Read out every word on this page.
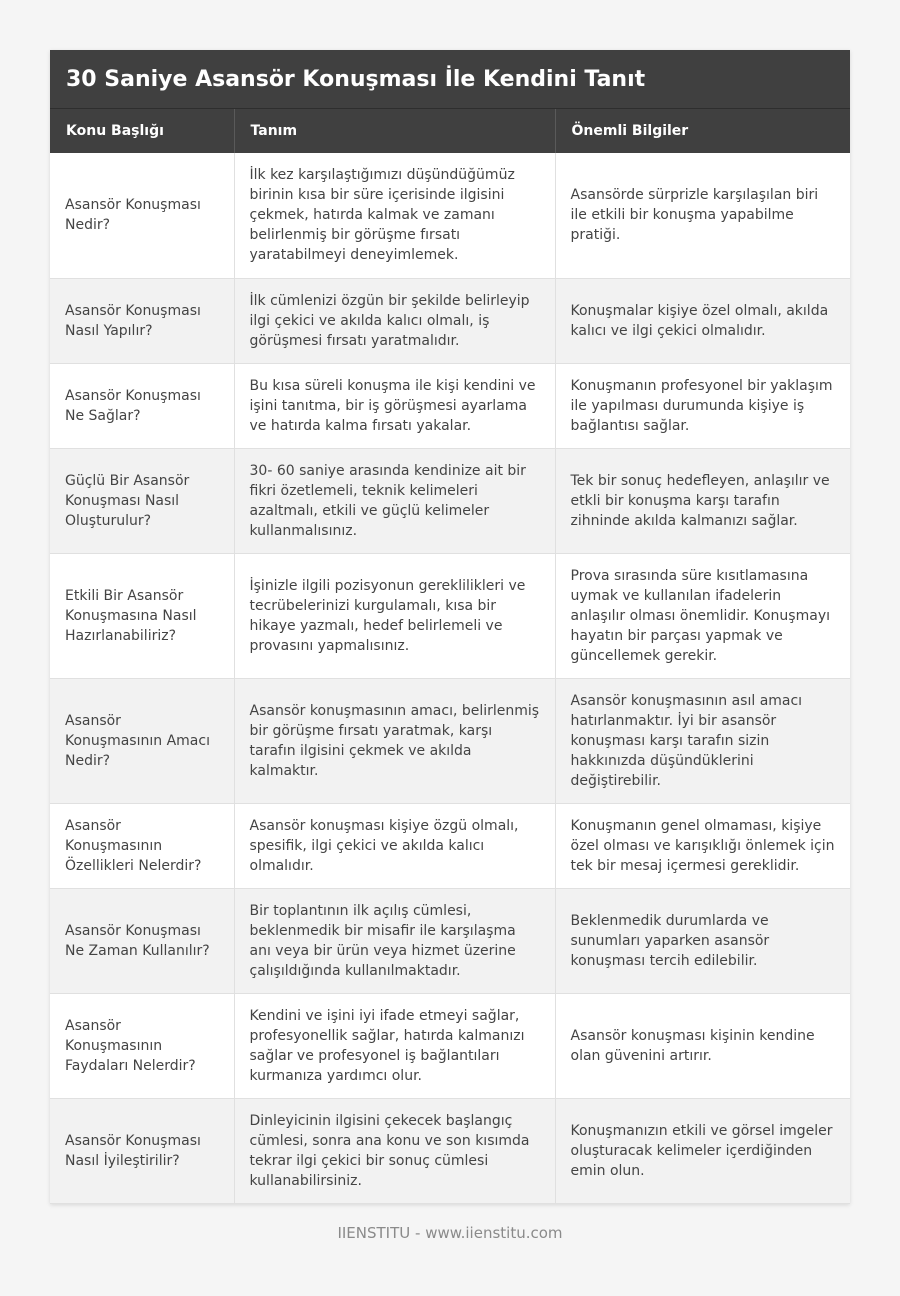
30 Saniye Asansör Konuşması İle Kendini Tanıt
Konu Başlığı	Tanım	Önemli Bilgiler
Asansör Konuşması Nedir?	İlk kez karşılaştığımızı düşündüğümüz birinin kısa bir süre içerisinde ilgisini çekmek, hatırda kalmak ve zamanı belirlenmiş bir görüşme fırsatı yaratabilmeyi deneyimlemek.	Asansörde sürprizle karşılaşılan biri ile etkili bir konuşma yapabilme pratiği.
Asansör Konuşması Nasıl Yapılır?	İlk cümlenizi özgün bir şekilde belirleyip ilgi çekici ve akılda kalıcı olmalı, iş görüşmesi fırsatı yaratmalıdır.	Konuşmalar kişiye özel olmalı, akılda kalıcı ve ilgi çekici olmalıdır.
Asansör Konuşması Ne Sağlar?	Bu kısa süreli konuşma ile kişi kendini ve işini tanıtma, bir iş görüşmesi ayarlama ve hatırda kalma fırsatı yakalar.	Konuşmanın profesyonel bir yaklaşım ile yapılması durumunda kişiye iş bağlantısı sağlar.
Güçlü Bir Asansör Konuşması Nasıl Oluşturulur?	30- 60 saniye arasında kendinize ait bir fikri özetlemeli, teknik kelimeleri azaltmalı, etkili ve güçlü kelimeler kullanmalısınız.	Tek bir sonuç hedefleyen, anlaşılır ve etkli bir konuşma karşı tarafın zihninde akılda kalmanızı sağlar.
Etkili Bir Asansör Konuşmasına Nasıl Hazırlanabiliriz?	İşinizle ilgili pozisyonun gereklilikleri ve tecrübelerinizi kurgulamalı, kısa bir hikaye yazmalı, hedef belirlemeli ve provasını yapmalısınız.	Prova sırasında süre kısıtlamasına uymak ve kullanılan ifadelerin anlaşılır olması önemlidir. Konuşmayı hayatın bir parçası yapmak ve güncellemek gerekir.
Asansör Konuşmasının Amacı Nedir?	Asansör konuşmasının amacı, belirlenmiş bir görüşme fırsatı yaratmak, karşı tarafın ilgisini çekmek ve akılda kalmaktır.	Asansör konuşmasının asıl amacı hatırlanmaktır. İyi bir asansör konuşması karşı tarafın sizin hakkınızda düşündüklerini değiştirebilir.
Asansör Konuşmasının Özellikleri Nelerdir?	Asansör konuşması kişiye özgü olmalı, spesifik, ilgi çekici ve akılda kalıcı olmalıdır.	Konuşmanın genel olmaması, kişiye özel olması ve karışıklığı önlemek için tek bir mesaj içermesi gereklidir.
Asansör Konuşması Ne Zaman Kullanılır?	Bir toplantının ilk açılış cümlesi, beklenmedik bir misafir ile karşılaşma anı veya bir ürün veya hizmet üzerine çalışıldığında kullanılmaktadır.	Beklenmedik durumlarda ve sunumları yaparken asansör konuşması tercih edilebilir.
Asansör Konuşmasının Faydaları Nelerdir?	Kendini ve işini iyi ifade etmeyi sağlar, profesyonellik sağlar, hatırda kalmanızı sağlar ve profesyonel iş bağlantıları kurmanıza yardımcı olur.	Asansör konuşması kişinin kendine olan güvenini artırır.
Asansör Konuşması Nasıl İyileştirilir?	Dinleyicinin ilgisini çekecek başlangıç cümlesi, sonra ana konu ve son kısımda tekrar ilgi çekici bir sonuç cümlesi kullanabilirsiniz.	Konuşmanızın etkili ve görsel imgeler oluşturacak kelimeler içerdiğinden emin olun.
IIENSTITU - www.iienstitu.com
